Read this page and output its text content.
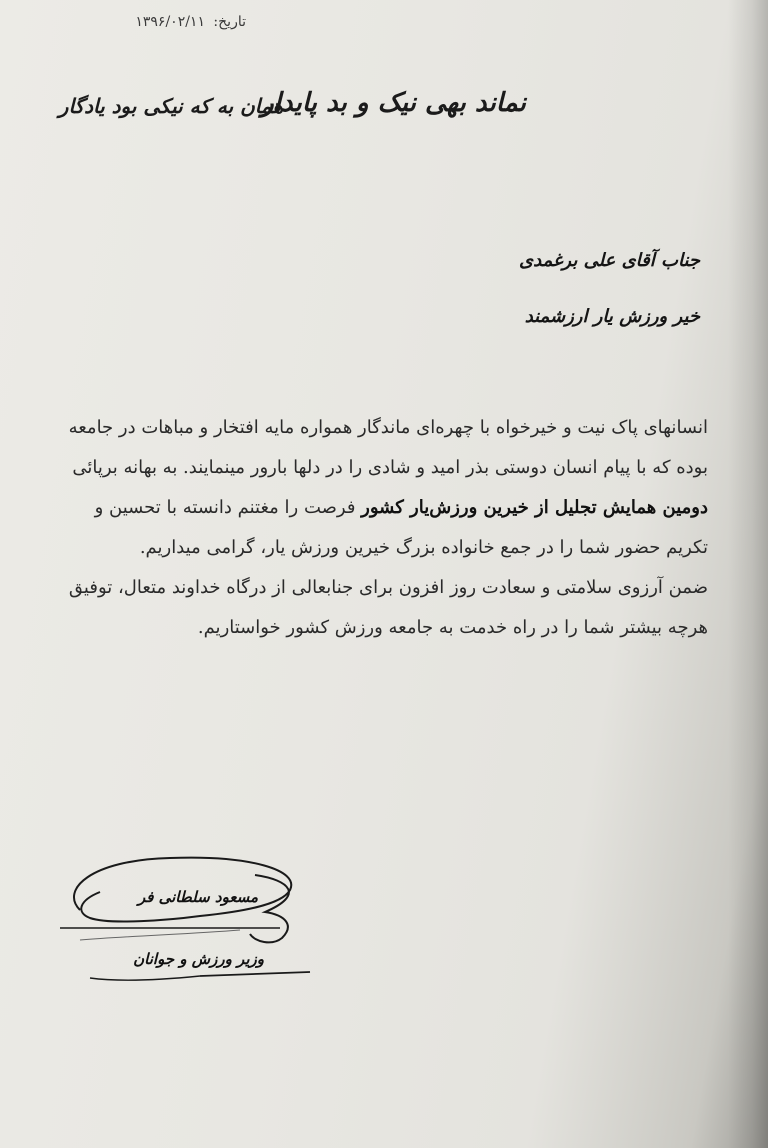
تاریخ: ۱۳۹۶/۰۲/۱۱
نماند بهی نیک و بد پایدار
همان به که نیکی بود یادگار
جناب آقای علی برغمدی
خیر ورزش یار ارزشمند

انسانهای پاک نیت و خیرخواه با چهره‌ای ماندگار همواره مایه افتخار و مباهات در جامعه بوده که با پیام انسان دوستی بذر امید و شادی را در دلها بارور مینمایند. به بهانه برپائی دومین همایش تجلیل از خیرین ورزش‌یار کشور فرصت را مغتنم دانسته با تحسین و تکریم حضور شما را در جمع خانواده بزرگ خیرین ورزش یار، گرامی میداریم.

ضمن آرزوی سلامتی و سعادت روز افزون برای جنابعالی از درگاه خداوند متعال، توفیق هرچه بیشتر شما را در راه خدمت به جامعه ورزش کشور خواستاریم.

مسعود سلطانی فر
وزیر ورزش و جوانان
